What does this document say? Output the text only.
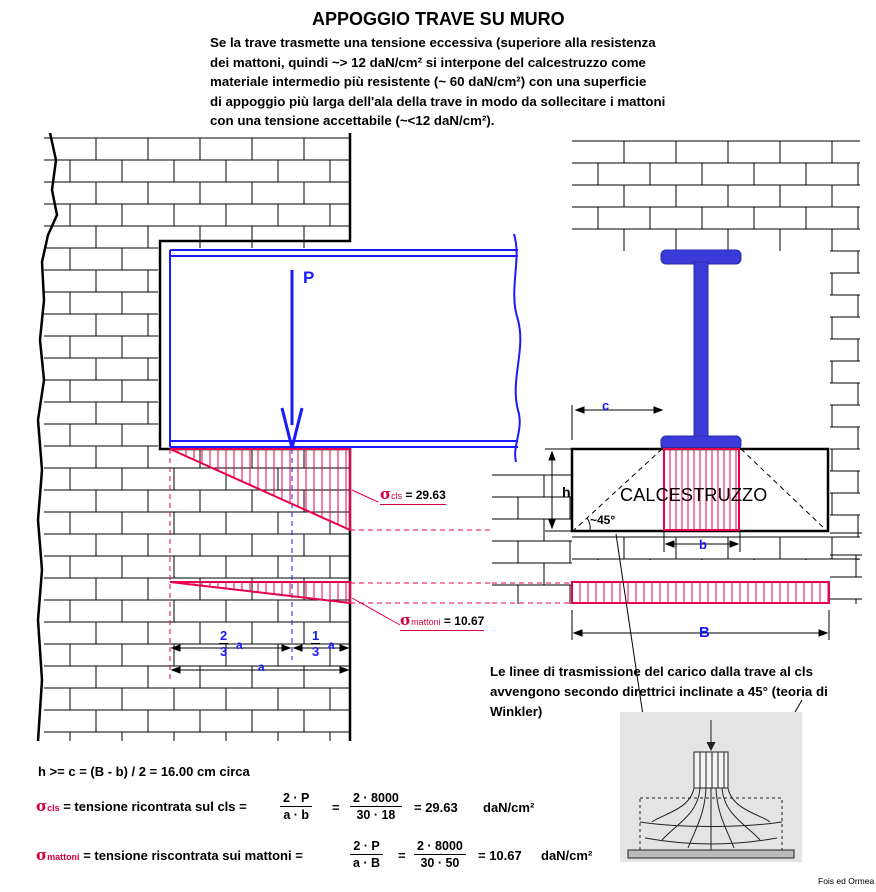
APPOGGIO TRAVE SU MURO
Se la trave trasmette una tensione eccessiva (superiore alla resistenza
dei mattoni, quindi ~> 12 daN/cm² si interpone del calcestruzzo come
materiale intermedio più resistente (~ 60 daN/cm²) con una superficie
di appoggio più larga dell'ala della trave in modo da sollecitare i mattoni
con una tensione accettabile (~<12 daN/cm²).
P
σcls = 29.63
σmattoni = 10.67
$\frac{2}{3}$ a	$\frac{1}{3}$ a
a
c
h
~45°
b
B
CALCESTRUZZO
Le linee di trasmissione del carico dalla trave al cls avvengono secondo direttrici inclinate a 45° (teoria di Winkler)
h >= c = (B - b) / 2 = 16.00 cm circa
σcls = tensione ricontrata sul cls =	$\frac{2 \cdot P}{a \cdot b} = \frac{2 \cdot 8000}{30 \cdot 18} = 29.63$ daN/cm²
σmattoni = tensione riscontrata sui mattoni =	$\frac{2 \cdot P}{a \cdot B} = \frac{2 \cdot 8000}{30 \cdot 50} = 10.67$ daN/cm²
Fois ed Ormea
